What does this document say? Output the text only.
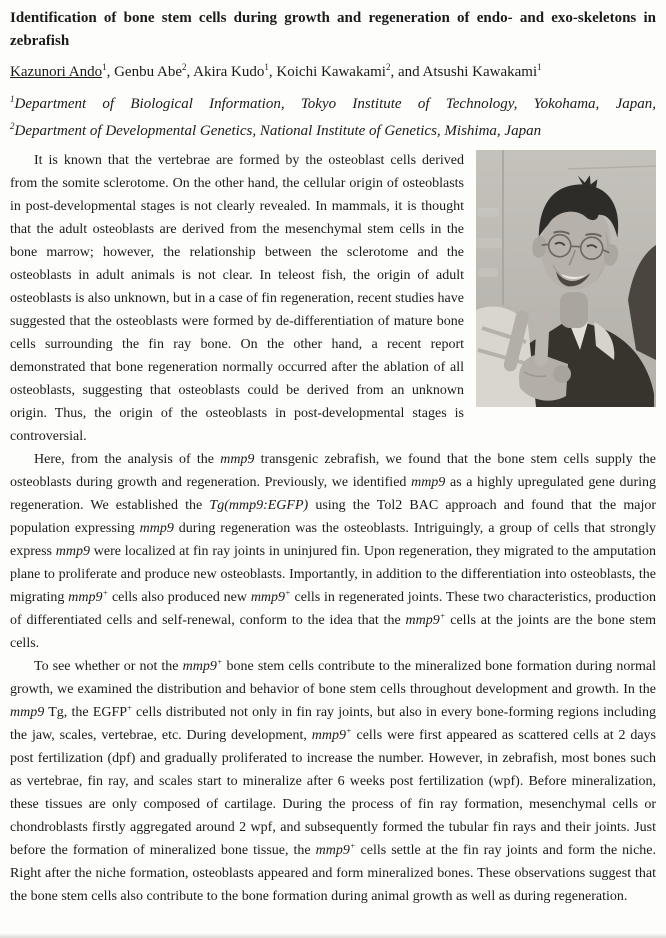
Identification of bone stem cells during growth and regeneration of endo- and exo-skeletons in zebrafish
Kazunori Ando$^1$, Genbu Abe$^2$, Akira Kudo$^1$, Koichi Kawakami$^2$, and Atsushi Kawakami$^1$
$^1$Department of Biological Information, Tokyo Institute of Technology, Yokohama, Japan,
$^2$Department of Developmental Genetics, National Institute of Genetics, Mishima, Japan

It is known that the vertebrae are formed by the osteoblast cells derived from the somite sclerotome. On the other hand, the cellular origin of osteoblasts in post-developmental stages is not clearly revealed. In mammals, it is thought that the adult osteoblasts are derived from the mesenchymal stem cells in the bone marrow; however, the relationship between the sclerotome and the osteoblasts in adult animals is not clear. In teleost fish, the origin of adult osteoblasts is also unknown, but in a case of fin regeneration, recent studies have suggested that the osteoblasts were formed by de-differentiation of mature bone cells surrounding the fin ray bone. On the other hand, a recent report demonstrated that bone regeneration normally occurred after the ablation of all osteoblasts, suggesting that osteoblasts could be derived from an unknown origin. Thus, the origin of the osteoblasts in post-developmental stages is controversial.

Here, from the analysis of the mmp9 transgenic zebrafish, we found that the bone stem cells supply the osteoblasts during growth and regeneration. Previously, we identified mmp9 as a highly upregulated gene during regeneration. We established the Tg(mmp9:EGFP) using the Tol2 BAC approach and found that the major population expressing mmp9 during regeneration was the osteoblasts. Intriguingly, a group of cells that strongly express mmp9 were localized at fin ray joints in uninjured fin. Upon regeneration, they migrated to the amputation plane to proliferate and produce new osteoblasts. Importantly, in addition to the differentiation into osteoblasts, the migrating mmp9+ cells also produced new mmp9+ cells in regenerated joints. These two characteristics, production of differentiated cells and self-renewal, conform to the idea that the mmp9+ cells at the joints are the bone stem cells.

To see whether or not the mmp9+ bone stem cells contribute to the mineralized bone formation during normal growth, we examined the distribution and behavior of bone stem cells throughout development and growth. In the mmp9 Tg, the EGFP+ cells distributed not only in fin ray joints, but also in every bone-forming regions including the jaw, scales, vertebrae, etc. During development, mmp9+ cells were first appeared as scattered cells at 2 days post fertilization (dpf) and gradually proliferated to increase the number. However, in zebrafish, most bones such as vertebrae, fin ray, and scales start to mineralize after 6 weeks post fertilization (wpf). Before mineralization, these tissues are only composed of cartilage. During the process of fin ray formation, mesenchymal cells or chondroblasts firstly aggregated around 2 wpf, and subsequently formed the tubular fin rays and their joints. Just before the formation of mineralized bone tissue, the mmp9+ cells settle at the fin ray joints and form the niche. Right after the niche formation, osteoblasts appeared and form mineralized bones. These observations suggest that the bone stem cells also contribute to the bone formation during animal growth as well as during regeneration.
